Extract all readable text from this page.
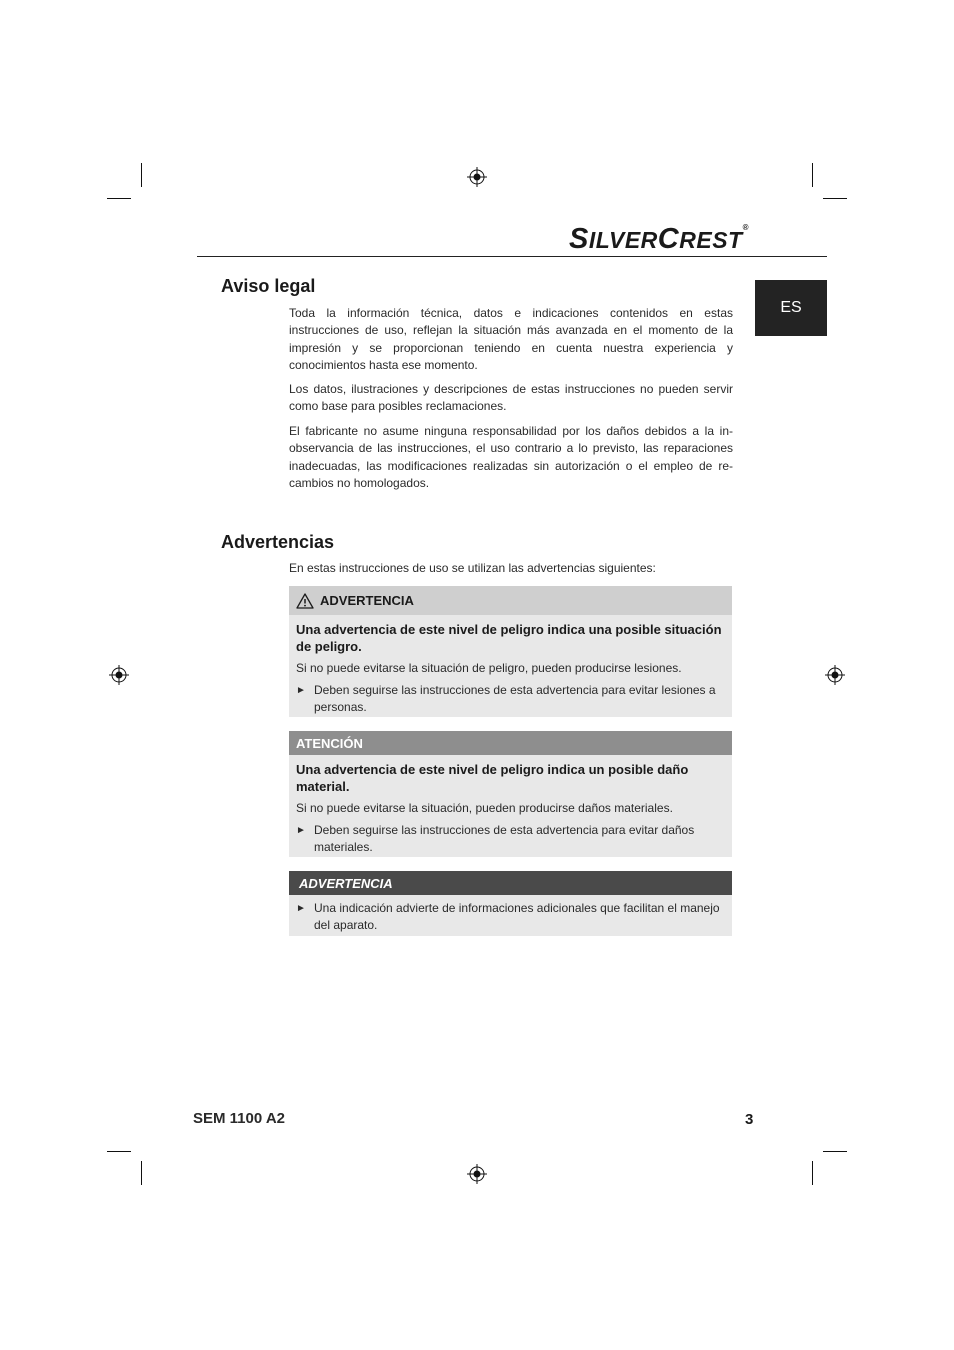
SILVERCREST®
ES
Aviso legal

Toda la información técnica, datos e indicaciones contenidos en estas instrucciones de uso, reflejan la situación más avanzada en el momento de la impresión y se proporcionan teniendo en cuenta nuestra experiencia y conocimientos hasta ese momento.

Los datos, ilustraciones y descripciones de estas instrucciones no pueden servir como base para posibles reclamaciones.

El fabricante no asume ninguna responsabilidad por los daños debidos a la inobservancia de las instrucciones, el uso contrario a lo previsto, las reparaciones inadecuadas, las modificaciones realizadas sin autorización o el empleo de recambios no homologados.

Advertencias

En estas instrucciones de uso se utilizan las advertencias siguientes:

ADVERTENCIA

Una advertencia de este nivel de peligro indica una posible situación de peligro.

Si no puede evitarse la situación de peligro, pueden producirse lesiones.

► Deben seguirse las instrucciones de esta advertencia para evitar lesiones a personas.
ATENCIÓN

Una advertencia de este nivel de peligro indica un posible daño material.

Si no puede evitarse la situación, pueden producirse daños materiales.

► Deben seguirse las instrucciones de esta advertencia para evitar daños materiales.
ADVERTENCIA
► Una indicación advierte de informaciones adicionales que facilitan el manejo del aparato.
SEM 1100 A2	3
